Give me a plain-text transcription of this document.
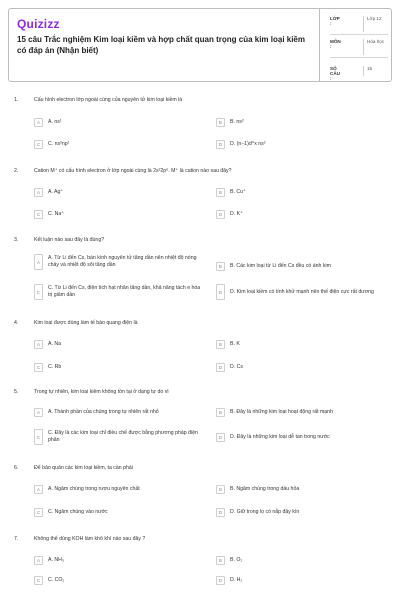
Quizizz
15 câu Trắc nghiệm Kim loại kiềm và hợp chất quan trọng của kim loại kiềm có đáp án (Nhận biết)
LỚP :
Lớp 12
MÔN :
Hóa học
SỐ CÂU :
15
1.	Cấu hình electron lớp ngoài cùng của nguyên tử kim loại kiềm là
A	A. ns¹	B	B. ns²
C	C. ns²np¹	D	D. (n−1)d^x ns²
2.	Cation M⁺ có cấu hình electron ở lớp ngoài cùng là 2s²2p⁶. M⁺ là cation nào sau đây?
A	A. Ag⁺	B	B. Cu⁺
C	C. Na⁺	D	D. K⁺
3.	Kết luận nào sau đây là đúng?
A
A. Từ Li đến Cs, bán kính nguyên tử tăng dần nên nhiệt độ nóng chảy và nhiệt độ sôi tăng dần	B	B. Các kim loại từ Li đến Cs đều có ánh kim
C
C. Từ Li đến Cs, điện tích hạt nhân tăng dần, khả năng tách e hóa trị giảm dần	D	D. Kim loại kiềm có tính khử mạnh nên thế điện cực rất dương
4.	Kim loại được dùng làm tế bào quang điện là
A	A. Na	B	B. K
C	C. Rb	D	D. Cs
5.	Trong tự nhiên, kim loại kiềm không tồn tại ở dạng tự do vì
A	A. Thành phần của chúng trong tự nhiên rất nhỏ	B	B. Đây là những kim loại hoạt động rất mạnh
C
C. Đây là các kim loại chỉ điều chế được bằng phương pháp điện phân	D	D. Đây là những kim loại dễ tan trong nước
6.	Để bảo quản các kim loại kiềm, ta cần phải
A	A. Ngâm chúng trong rượu nguyên chất	B	B. Ngâm chúng trong dầu hỏa
C	C. Ngâm chúng vào nước	D	D. Giữ trong lọ có nắp đậy kín
7.	Không thể dùng KOH làm khô khí nào sau đây ?
A	A. NH₃	B	B. O₂
C	C. CO₂	D	D. H₂
